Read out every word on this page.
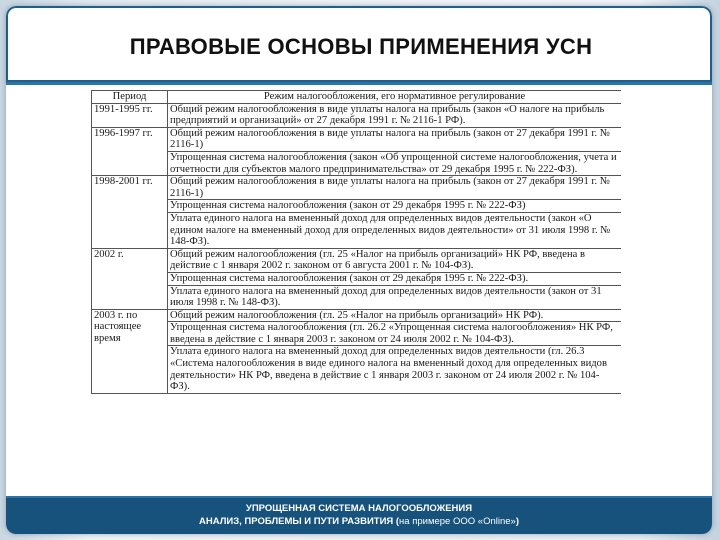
ПРАВОВЫЕ ОСНОВЫ ПРИМЕНЕНИЯ УСН
Период	Режим налогообложения, его нормативное регулирование
1991-1995 гг.	Общий режим налогообложения в виде уплаты налога на прибыль (закон «О налоге на прибыль предприятий и организаций» от 27 декабря 1991 г. № 2116-1 РФ).
1996-1997 гг.	Общий режим налогообложения в виде уплаты налога на прибыль (закон от 27 декабря 1991 г. № 2116-1)
	Упрощенная система налогообложения (закон «Об упрощенной системе налогообложения, учета и отчетности для субъектов малого предпринимательства» от 29 декабря 1995 г. № 222-ФЗ).
1998-2001 гг.	Общий режим налогообложения в виде уплаты налога на прибыль (закон от 27 декабря 1991 г. № 2116-1)
	Упрощенная система налогообложения (закон от 29 декабря 1995 г. № 222-ФЗ)
	Уплата единого налога на вмененный доход для определенных видов деятельности (закон «О едином налоге на вмененный доход для определенных видов деятельности» от 31 июля 1998 г. № 148-ФЗ).
2002 г.	Общий режим налогообложения (гл. 25 «Налог на прибыль организаций» НК РФ, введена в действие с 1 января 2002 г. законом от 6 августа 2001 г. № 104-ФЗ).
	Упрощенная система налогообложения (закон от 29 декабря 1995 г. № 222-ФЗ).
	Уплата единого налога на вмененный доход для определенных видов деятельности (закон от 31 июля 1998 г. № 148-ФЗ).
2003 г. по настоящее время	Общий режим налогообложения (гл. 25 «Налог на прибыль организаций» НК РФ).
	Упрощенная система налогообложения (гл. 26.2 «Упрощенная система налогообложения» НК РФ, введена в действие с 1 января 2003 г. законом от 24 июля 2002 г. № 104-ФЗ).
	Уплата единого налога на вмененный доход для определенных видов деятельности (гл. 26.3 «Система налогообложения в виде единого налога на вмененный доход для определенных видов деятельности» НК РФ, введена в действие с 1 января 2003 г. законом от 24 июля 2002 г. № 104-ФЗ).
УПРОЩЕННАЯ СИСТЕМА НАЛОГООБЛОЖЕНИЯ
АНАЛИЗ, ПРОБЛЕМЫ И ПУТИ РАЗВИТИЯ (на примере ООО «Online»)
